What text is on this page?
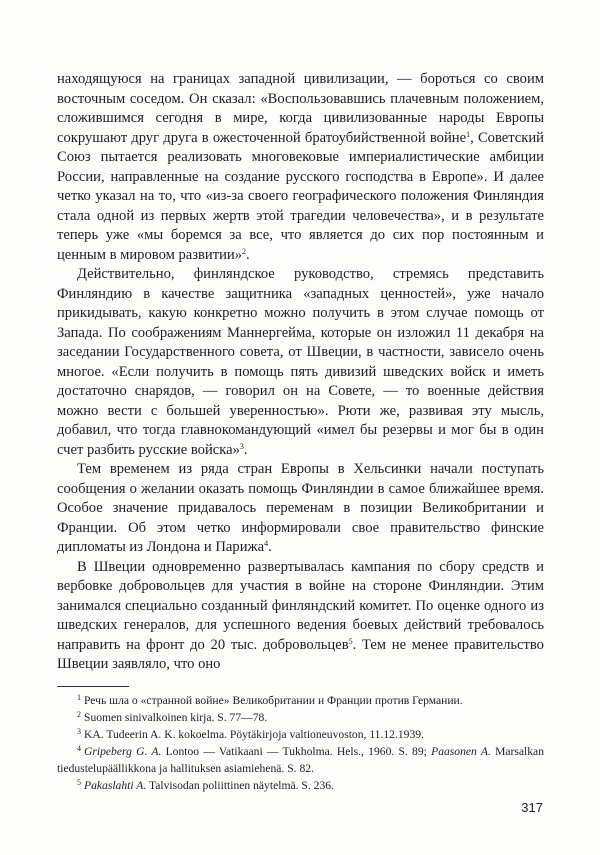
находящуюся на границах западной цивилизации, — бороться со своим восточным соседом. Он сказал: «Воспользовавшись плачевным положением, сложившимся сегодня в мире, когда цивилизованные народы Европы сокрушают друг друга в ожесточенной братоубийственной войне$^1$, Советский Союз пытается реализовать многовековые империалистические амбиции России, направленные на создание русского господства в Европе». И далее четко указал на то, что «из-за своего географического положения Финляндия стала одной из первых жертв этой трагедии человечества», и в результате теперь уже «мы боремся за все, что является до сих пор постоянным и ценным в мировом развитии»$^2$.

Действительно, финляндское руководство, стремясь представить Финляндию в качестве защитника «западных ценностей», уже начало прикидывать, какую конкретно можно получить в этом случае помощь от Запада. По соображениям Маннергейма, которые он изложил 11 декабря на заседании Государственного совета, от Швеции, в частности, зависело очень многое. «Если получить в помощь пять дивизий шведских войск и иметь достаточно снарядов, — говорил он на Совете, — то военные действия можно вести с большей уверенностью». Рюти же, развивая эту мысль, добавил, что тогда главнокомандующий «имел бы резервы и мог бы в один счет разбить русские войска»$^3$.

Тем временем из ряда стран Европы в Хельсинки начали поступать сообщения о желании оказать помощь Финляндии в самое ближайшее время. Особое значение придавалось переменам в позиции Великобритании и Франции. Об этом четко информировали свое правительство финские дипломаты из Лондона и Парижа$^4$.

В Швеции одновременно развертывалась кампания по сбору средств и вербовке добровольцев для участия в войне на стороне Финляндии. Этим занимался специально созданный финляндский комитет. По оценке одного из шведских генералов, для успешного ведения боевых действий требовалось направить на фронт до 20 тыс. добровольцев$^5$. Тем не менее правительство Швеции заявляло, что оно

$^1$ Речь шла о «странной войне» Великобритании и Франции против Германии.

$^2$ Suomen sinivalkoinen kirja. S. 77—78.

$^3$ KA. Tudeerin A. K. kokoelma. Pöytäkirjoja valtioneuvoston, 11.12.1939.

$^4$ Gripeberg G. A. Lontoo — Vatikaani — Tukholma. Hels., 1960. S. 89; Paasonen A. Marsalkan tiedustelupäällikkona ja hallituksen asiamiehenä. S. 82.

$^5$ Pakaslahti A. Talvisodan poliittinen näytelmä. S. 236.

317
